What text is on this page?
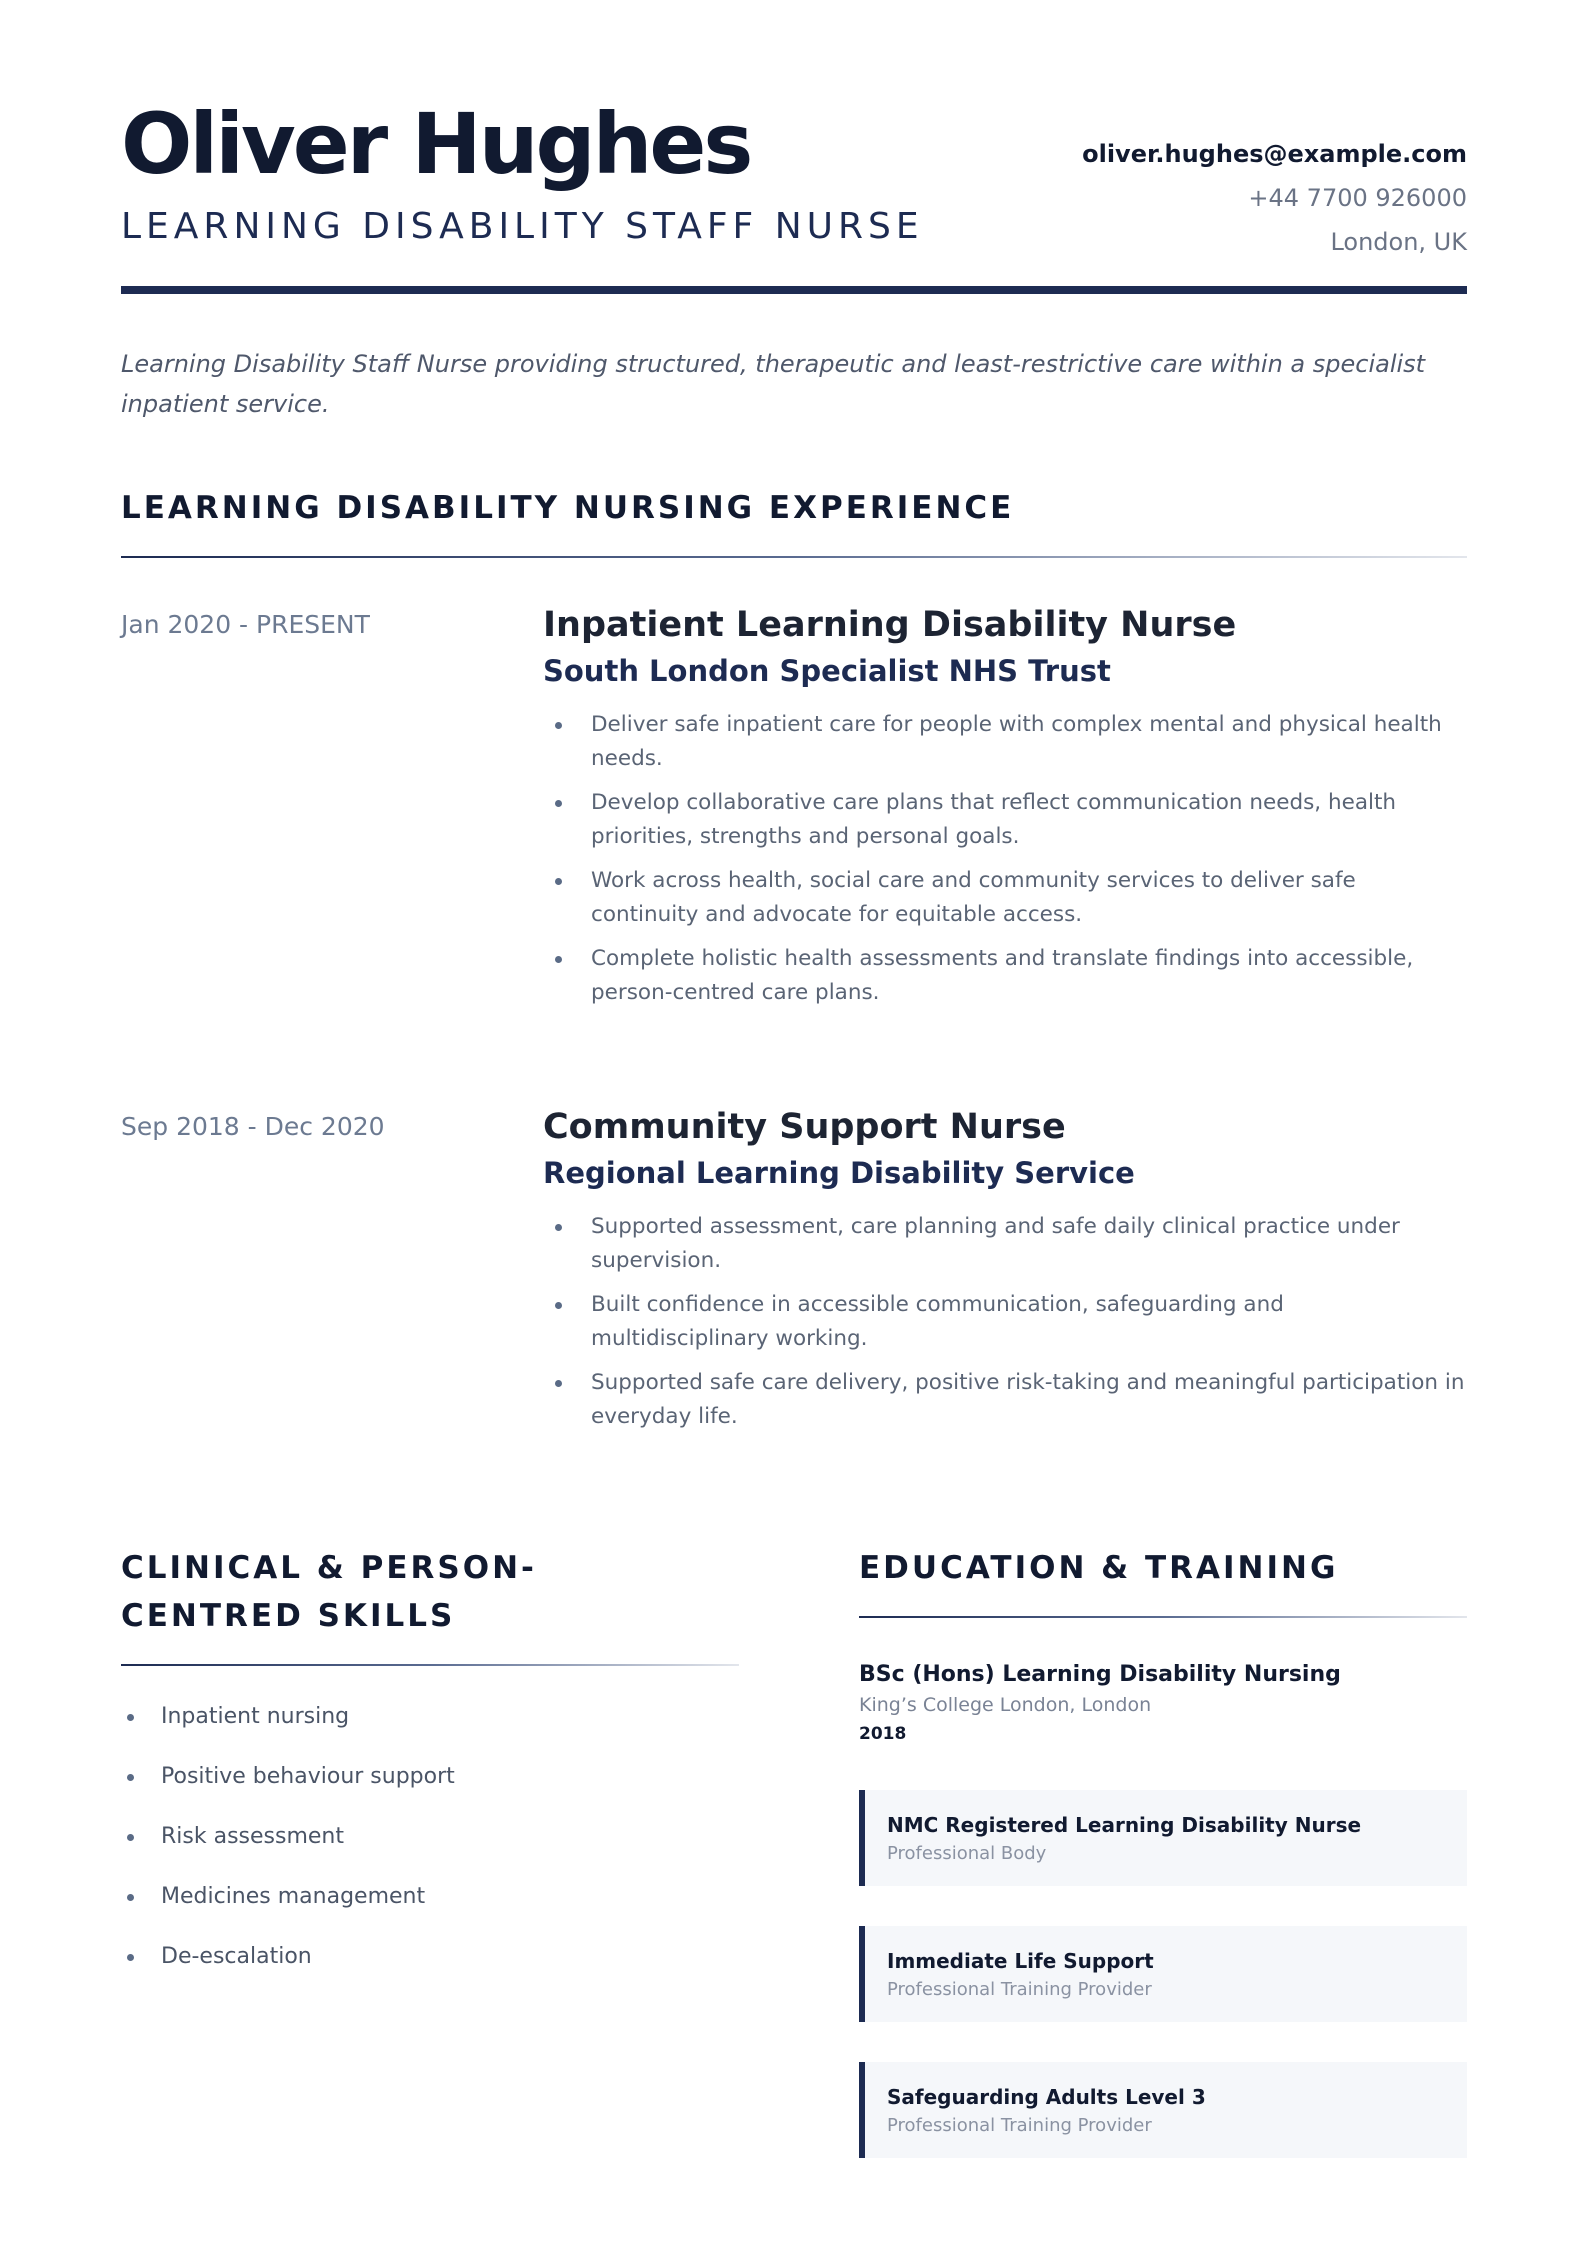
Oliver Hughes
LEARNING DISABILITY STAFF NURSE
oliver.hughes@example.com
+44 7700 926000
London, UK
Learning Disability Staff Nurse providing structured, therapeutic and least-restrictive care within a specialist inpatient service.
LEARNING DISABILITY NURSING EXPERIENCE
Jan 2020 - PRESENT	Inpatient Learning Disability Nurse
South London Specialist NHS Trust
Deliver safe inpatient care for people with complex mental and physical health needs.
Develop collaborative care plans that reflect communication needs, health priorities, strengths and personal goals.
Work across health, social care and community services to deliver safe continuity and advocate for equitable access.
Complete holistic health assessments and translate findings into accessible, person-centred care plans.
Sep 2018 - Dec 2020	Community Support Nurse
Regional Learning Disability Service
Supported assessment, care planning and safe daily clinical practice under supervision.
Built confidence in accessible communication, safeguarding and multidisciplinary working.
Supported safe care delivery, positive risk-taking and meaningful participation in everyday life.
CLINICAL & PERSON-CENTRED SKILLS
Inpatient nursing
Positive behaviour support
Risk assessment
Medicines management
De-escalation
EDUCATION & TRAINING
BSc (Hons) Learning Disability Nursing
King’s College London, London
2018
NMC Registered Learning Disability Nurse
Professional Body
Immediate Life Support
Professional Training Provider
Safeguarding Adults Level 3
Professional Training Provider
